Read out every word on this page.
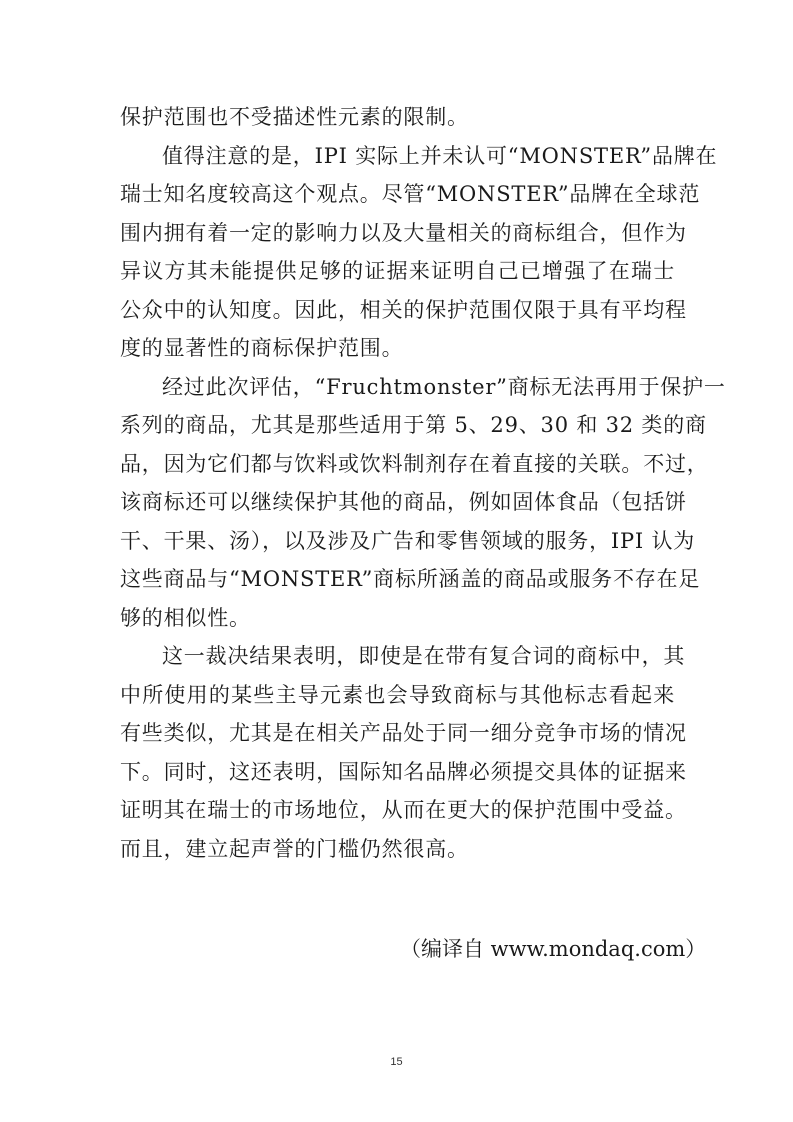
保护范围也不受描述性元素的限制。

值得注意的是，IPI 实际上并未认可“MONSTER”品牌在
瑞士知名度较高这个观点。尽管“MONSTER”品牌在全球范
围内拥有着一定的影响力以及大量相关的商标组合，但作为
异议方其未能提供足够的证据来证明自己已增强了在瑞士
公众中的认知度。因此，相关的保护范围仅限于具有平均程
度的显著性的商标保护范围。

经过此次评估，“Fruchtmonster”商标无法再用于保护一
系列的商品，尤其是那些适用于第 5、29、30 和 32 类的商
品，因为它们都与饮料或饮料制剂存在着直接的关联。不过，
该商标还可以继续保护其他的商品，例如固体食品（包括饼
干、干果、汤），以及涉及广告和零售领域的服务，IPI 认为
这些商品与“MONSTER”商标所涵盖的商品或服务不存在足
够的相似性。

这一裁决结果表明，即使是在带有复合词的商标中，其
中所使用的某些主导元素也会导致商标与其他标志看起来
有些类似，尤其是在相关产品处于同一细分竞争市场的情况
下。同时，这还表明，国际知名品牌必须提交具体的证据来
证明其在瑞士的市场地位，从而在更大的保护范围中受益。
而且，建立起声誉的门槛仍然很高。

（编译自 www.mondaq.com）
15
